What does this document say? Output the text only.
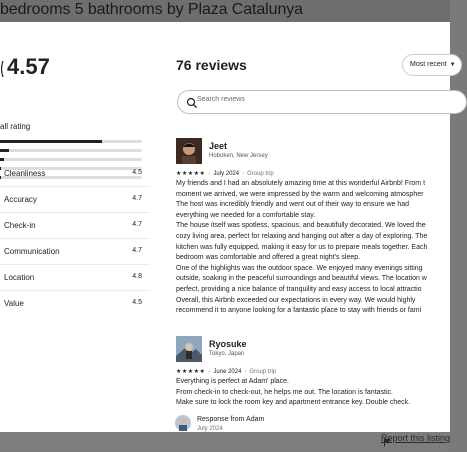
bedrooms 5 bathrooms by Plaza Catalunya
4.57
all rating
Cleanliness	4.5
Accuracy	4.7
Check-in	4.7
Communication	4.7
Location	4.8
Value	4.5
76 reviews	Most recent ▼
Search reviews
Jeet
Hoboken, New Jersey
★★★★★ · July 2024 · Group trip

My friends and I had an absolutely amazing time at this wonderful Airbnb! From t

moment we arrived, we were impressed by the warm and welcoming atmospher

The host was incredibly friendly and went out of their way to ensure we had

everything we needed for a comfortable stay.

The house itself was spotless, spacious, and beautifully decorated. We loved the

cozy living area, perfect for relaxing and hanging out after a day of exploring. The

kitchen was fully equipped, making it easy for us to prepare meals together. Each

bedroom was comfortable and offered a great night's sleep.

One of the highlights was the outdoor space. We enjoyed many evenings sitting

outside, soaking in the peaceful surroundings and beautiful views. The location w

perfect, providing a nice balance of tranquility and easy access to local attractio

Overall, this Airbnb exceeded our expectations in every way. We would highly

recommend it to anyone looking for a fantastic place to stay with friends or fami

Ryosuke
Tokyo, Japan
★★★★★ · June 2024 · Group trip

Everything is perfect at Adam' place.

From check-in to check-out, he helps me out. The location is fantastic.

Make sure to lock the room key and apartment entrance key. Double check.

Response from Adam
July 2024
Report this listing
